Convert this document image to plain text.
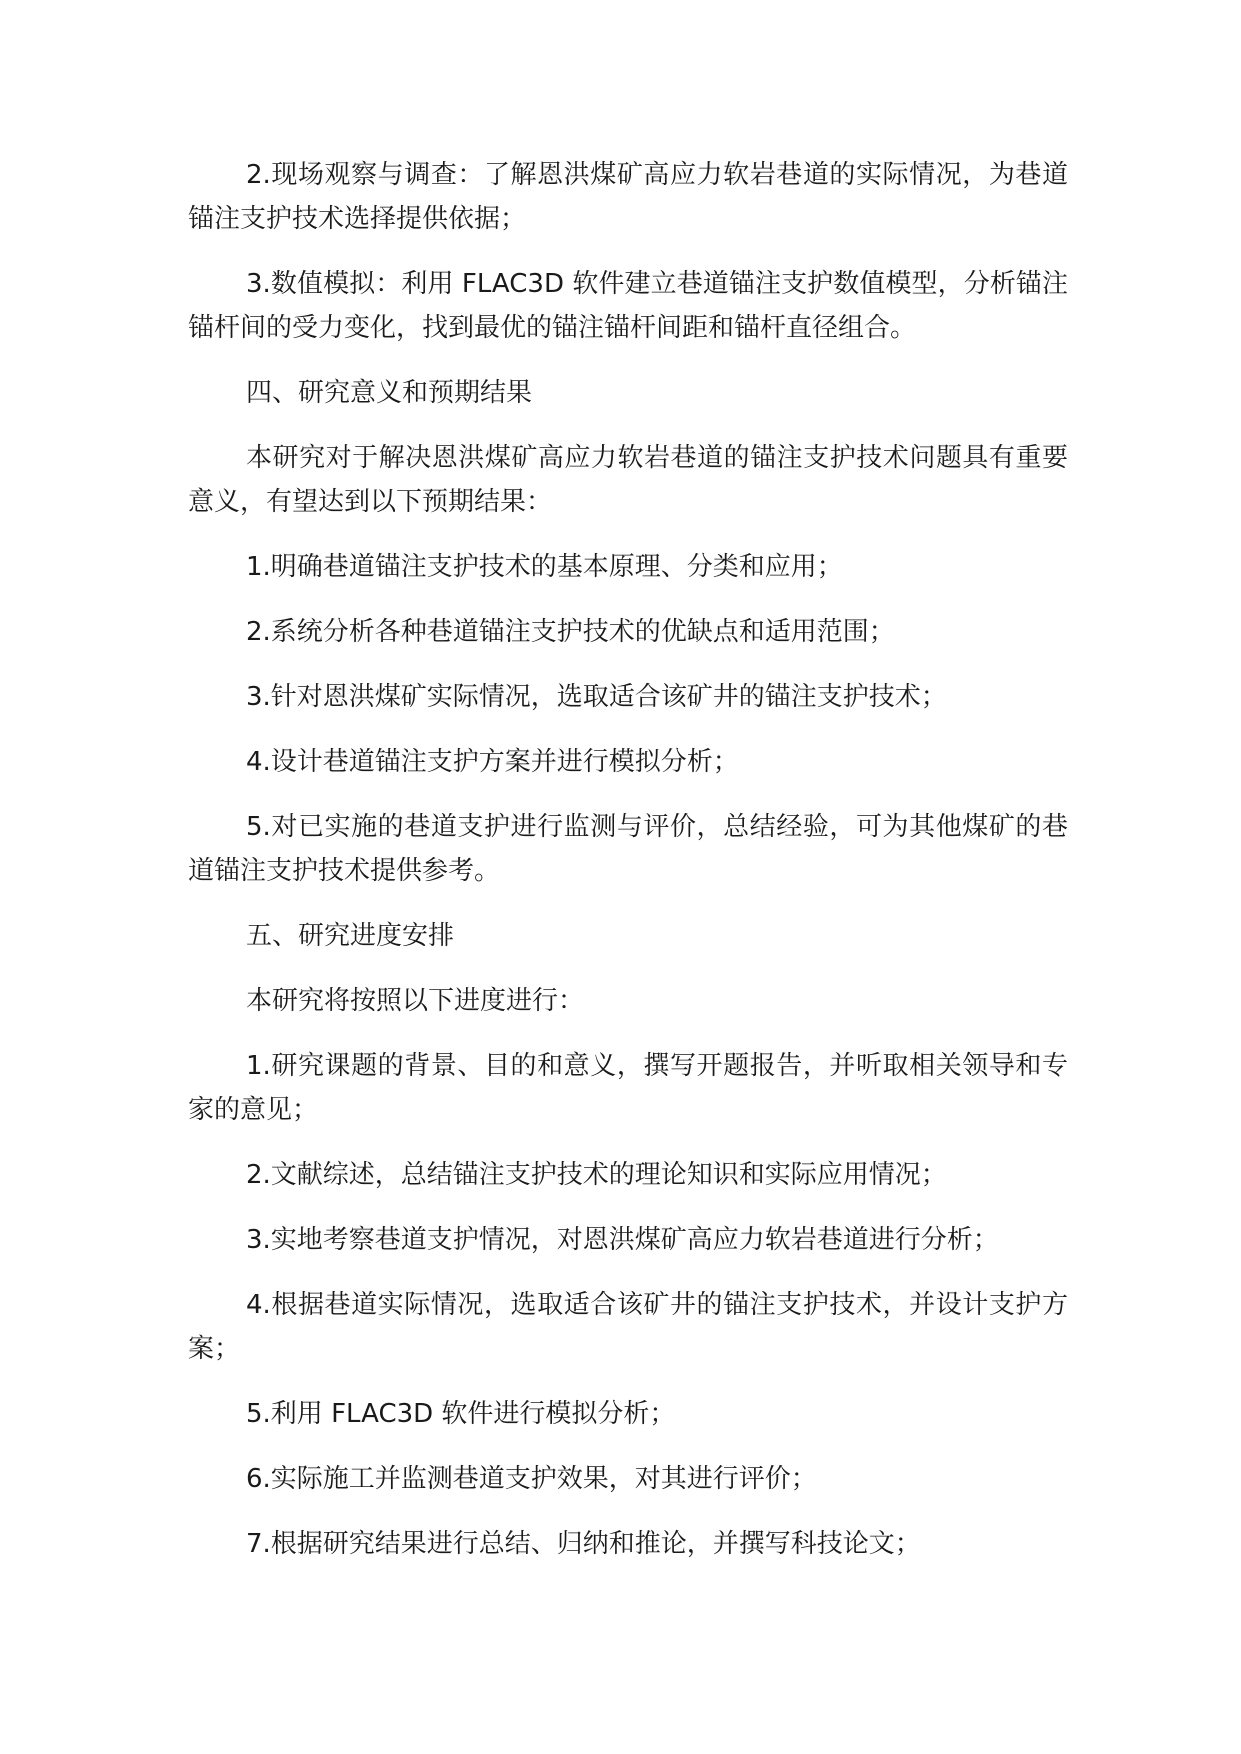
2.现场观察与调查：了解恩洪煤矿高应力软岩巷道的实际情况，为巷道锚注支护技术选择提供依据；

3.数值模拟：利用 FLAC3D 软件建立巷道锚注支护数值模型，分析锚注锚杆间的受力变化，找到最优的锚注锚杆间距和锚杆直径组合。

四、研究意义和预期结果

本研究对于解决恩洪煤矿高应力软岩巷道的锚注支护技术问题具有重要意义，有望达到以下预期结果：

1.明确巷道锚注支护技术的基本原理、分类和应用；

2.系统分析各种巷道锚注支护技术的优缺点和适用范围；

3.针对恩洪煤矿实际情况，选取适合该矿井的锚注支护技术；

4.设计巷道锚注支护方案并进行模拟分析；

5.对已实施的巷道支护进行监测与评价，总结经验，可为其他煤矿的巷道锚注支护技术提供参考。

五、研究进度安排

本研究将按照以下进度进行：

1.研究课题的背景、目的和意义，撰写开题报告，并听取相关领导和专家的意见；

2.文献综述，总结锚注支护技术的理论知识和实际应用情况；

3.实地考察巷道支护情况，对恩洪煤矿高应力软岩巷道进行分析；

4.根据巷道实际情况，选取适合该矿井的锚注支护技术，并设计支护方案；

5.利用 FLAC3D 软件进行模拟分析；

6.实际施工并监测巷道支护效果，对其进行评价；

7.根据研究结果进行总结、归纳和推论，并撰写科技论文；
